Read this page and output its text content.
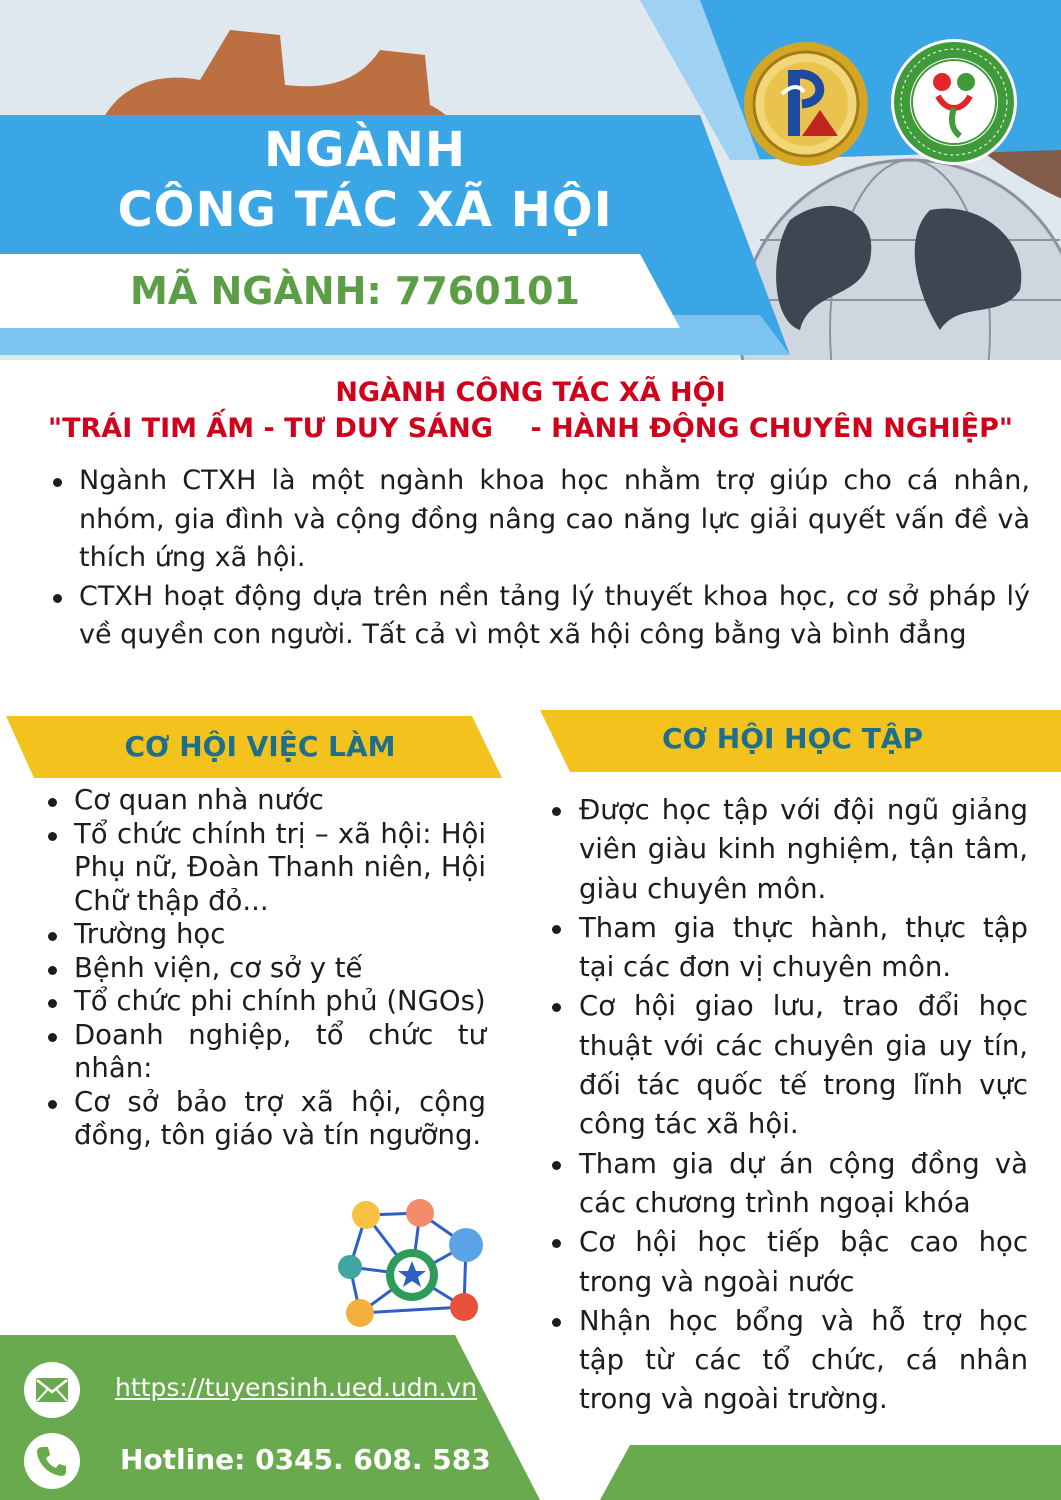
NGÀNH
CÔNG TÁC XÃ HỘI
MÃ NGÀNH: 7760101
NGÀNH CÔNG TÁC XÃ HỘI
"TRÁI TIM ẤM - TƯ DUY SÁNG    - HÀNH ĐỘNG CHUYÊN NGHIỆP"
Ngành CTXH là một ngành khoa học nhằm trợ giúp cho cá nhân, nhóm, gia đình và cộng đồng nâng cao năng lực giải quyết vấn đề và thích ứng xã hội.
CTXH hoạt động dựa trên nền tảng lý thuyết khoa học, cơ sở pháp lý về quyền con người. Tất cả vì một xã hội công bằng và bình đẳng
CƠ HỘI VIỆC LÀM	CƠ HỘI HỌC TẬP
Cơ quan nhà nước
Tổ chức chính trị – xã hội: Hội Phụ nữ, Đoàn Thanh niên, Hội Chữ thập đỏ...
Trường học
Bệnh viện, cơ sở y tế
Tổ chức phi chính phủ (NGOs)
Doanh nghiệp, tổ chức tư nhân:
Cơ sở bảo trợ xã hội, cộng đồng, tôn giáo và tín ngưỡng.
Được học tập với đội ngũ giảng viên giàu kinh nghiệm, tận tâm, giàu chuyên môn.
Tham gia thực hành, thực tập tại các đơn vị chuyên môn.
Cơ hội giao lưu, trao đổi học thuật với các chuyên gia uy tín, đối tác quốc tế trong lĩnh vực công tác xã hội.
Tham gia dự án cộng đồng và các chương trình ngoại khóa
Cơ hội học tiếp bậc cao học trong và ngoài nước
Nhận học bổng và hỗ trợ học tập từ các tổ chức, cá nhân trong và ngoài trường.
https://tuyensinh.ued.udn.vn
Hotline: 0345. 608. 583
